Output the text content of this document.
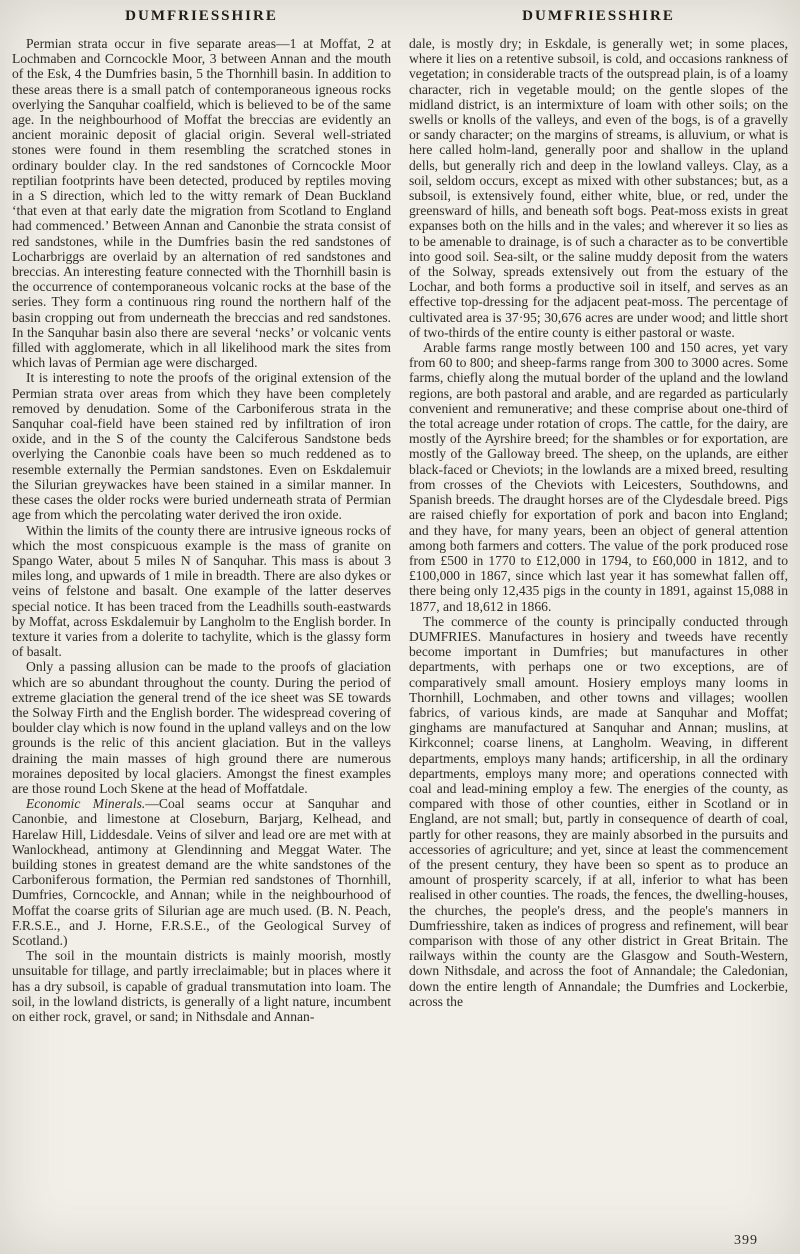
DUMFRIESSHIRE

Permian strata occur in five separate areas—1 at Moffat, 2 at Lochmaben and Corncockle Moor, 3 between Annan and the mouth of the Esk, 4 the Dumfries basin, 5 the Thornhill basin. In addition to these areas there is a small patch of contemporaneous igneous rocks overlying the Sanquhar coalfield, which is believed to be of the same age. In the neighbourhood of Moffat the breccias are evidently an ancient morainic deposit of glacial origin. Several well-striated stones were found in them resembling the scratched stones in ordinary boulder clay. In the red sandstones of Corncockle Moor reptilian footprints have been detected, produced by reptiles moving in a S direction, which led to the witty remark of Dean Buckland ‘that even at that early date the migration from Scotland to England had commenced.’ Between Annan and Canonbie the strata consist of red sandstones, while in the Dumfries basin the red sandstones of Locharbriggs are overlaid by an alternation of red sandstones and breccias. An interesting feature connected with the Thornhill basin is the occurrence of contemporaneous volcanic rocks at the base of the series. They form a continuous ring round the northern half of the basin cropping out from underneath the breccias and red sandstones. In the Sanquhar basin also there are several ‘necks’ or volcanic vents filled with agglomerate, which in all likelihood mark the sites from which lavas of Permian age were discharged.

It is interesting to note the proofs of the original extension of the Permian strata over areas from which they have been completely removed by denudation. Some of the Carboniferous strata in the Sanquhar coal-field have been stained red by infiltration of iron oxide, and in the S of the county the Calciferous Sandstone beds overlying the Canonbie coals have been so much reddened as to resemble externally the Permian sandstones. Even on Eskdalemuir the Silurian greywackes have been stained in a similar manner. In these cases the older rocks were buried underneath strata of Permian age from which the percolating water derived the iron oxide.

Within the limits of the county there are intrusive igneous rocks of which the most conspicuous example is the mass of granite on Spango Water, about 5 miles N of Sanquhar. This mass is about 3 miles long, and upwards of 1 mile in breadth. There are also dykes or veins of felstone and basalt. One example of the latter deserves special notice. It has been traced from the Leadhills south-eastwards by Moffat, across Eskdalemuir by Langholm to the English border. In texture it varies from a dolerite to tachylite, which is the glassy form of basalt.

Only a passing allusion can be made to the proofs of glaciation which are so abundant throughout the county. During the period of extreme glaciation the general trend of the ice sheet was SE towards the Solway Firth and the English border. The widespread covering of boulder clay which is now found in the upland valleys and on the low grounds is the relic of this ancient glaciation. But in the valleys draining the main masses of high ground there are numerous moraines deposited by local glaciers. Amongst the finest examples are those round Loch Skene at the head of Moffatdale.

Economic Minerals.—Coal seams occur at Sanquhar and Canonbie, and limestone at Closeburn, Barjarg, Kelhead, and Harelaw Hill, Liddesdale. Veins of silver and lead ore are met with at Wanlockhead, antimony at Glendinning and Meggat Water. The building stones in greatest demand are the white sandstones of the Carboniferous formation, the Permian red sandstones of Thornhill, Dumfries, Corncockle, and Annan; while in the neighbourhood of Moffat the coarse grits of Silurian age are much used. (B. N. Peach, F.R.S.E., and J. Horne, F.R.S.E., of the Geological Survey of Scotland.)

The soil in the mountain districts is mainly moorish, mostly unsuitable for tillage, and partly irreclaimable; but in places where it has a dry subsoil, is capable of gradual transmutation into loam. The soil, in the lowland districts, is generally of a light nature, incumbent on either rock, gravel, or sand; in Nithsdale and Annan-

DUMFRIESSHIRE

dale, is mostly dry; in Eskdale, is generally wet; in some places, where it lies on a retentive subsoil, is cold, and occasions rankness of vegetation; in considerable tracts of the outspread plain, is of a loamy character, rich in vegetable mould; on the gentle slopes of the midland district, is an intermixture of loam with other soils; on the swells or knolls of the valleys, and even of the bogs, is of a gravelly or sandy character; on the margins of streams, is alluvium, or what is here called holm-land, generally poor and shallow in the upland dells, but generally rich and deep in the lowland valleys. Clay, as a soil, seldom occurs, except as mixed with other substances; but, as a subsoil, is extensively found, either white, blue, or red, under the greensward of hills, and beneath soft bogs. Peat-moss exists in great expanses both on the hills and in the vales; and wherever it so lies as to be amenable to drainage, is of such a character as to be convertible into good soil. Sea-silt, or the saline muddy deposit from the waters of the Solway, spreads extensively out from the estuary of the Lochar, and both forms a productive soil in itself, and serves as an effective top-dressing for the adjacent peat-moss. The percentage of cultivated area is 37·95; 30,676 acres are under wood; and little short of two-thirds of the entire county is either pastoral or waste.

Arable farms range mostly between 100 and 150 acres, yet vary from 60 to 800; and sheep-farms range from 300 to 3000 acres. Some farms, chiefly along the mutual border of the upland and the lowland regions, are both pastoral and arable, and are regarded as particularly convenient and remunerative; and these comprise about one-third of the total acreage under rotation of crops. The cattle, for the dairy, are mostly of the Ayrshire breed; for the shambles or for exportation, are mostly of the Galloway breed. The sheep, on the uplands, are either black-faced or Cheviots; in the lowlands are a mixed breed, resulting from crosses of the Cheviots with Leicesters, Southdowns, and Spanish breeds. The draught horses are of the Clydesdale breed. Pigs are raised chiefly for exportation of pork and bacon into England; and they have, for many years, been an object of general attention among both farmers and cotters. The value of the pork produced rose from £500 in 1770 to £12,000 in 1794, to £60,000 in 1812, and to £100,000 in 1867, since which last year it has somewhat fallen off, there being only 12,435 pigs in the county in 1891, against 15,088 in 1877, and 18,612 in 1866.

The commerce of the county is principally conducted through DUMFRIES. Manufactures in hosiery and tweeds have recently become important in Dumfries; but manufactures in other departments, with perhaps one or two exceptions, are of comparatively small amount. Hosiery employs many looms in Thornhill, Lochmaben, and other towns and villages; woollen fabrics, of various kinds, are made at Sanquhar and Moffat; ginghams are manufactured at Sanquhar and Annan; muslins, at Kirkconnel; coarse linens, at Langholm. Weaving, in different departments, employs many hands; artificership, in all the ordinary departments, employs many more; and operations connected with coal and lead-mining employ a few. The energies of the county, as compared with those of other counties, either in Scotland or in England, are not small; but, partly in consequence of dearth of coal, partly for other reasons, they are mainly absorbed in the pursuits and accessories of agriculture; and yet, since at least the commencement of the present century, they have been so spent as to produce an amount of prosperity scarcely, if at all, inferior to what has been realised in other counties. The roads, the fences, the dwelling-houses, the churches, the people's dress, and the people's manners in Dumfriesshire, taken as indices of progress and refinement, will bear comparison with those of any other district in Great Britain. The railways within the county are the Glasgow and South-Western, down Nithsdale, and across the foot of Annandale; the Caledonian, down the entire length of Annandale; the Dumfries and Lockerbie, across the

399
